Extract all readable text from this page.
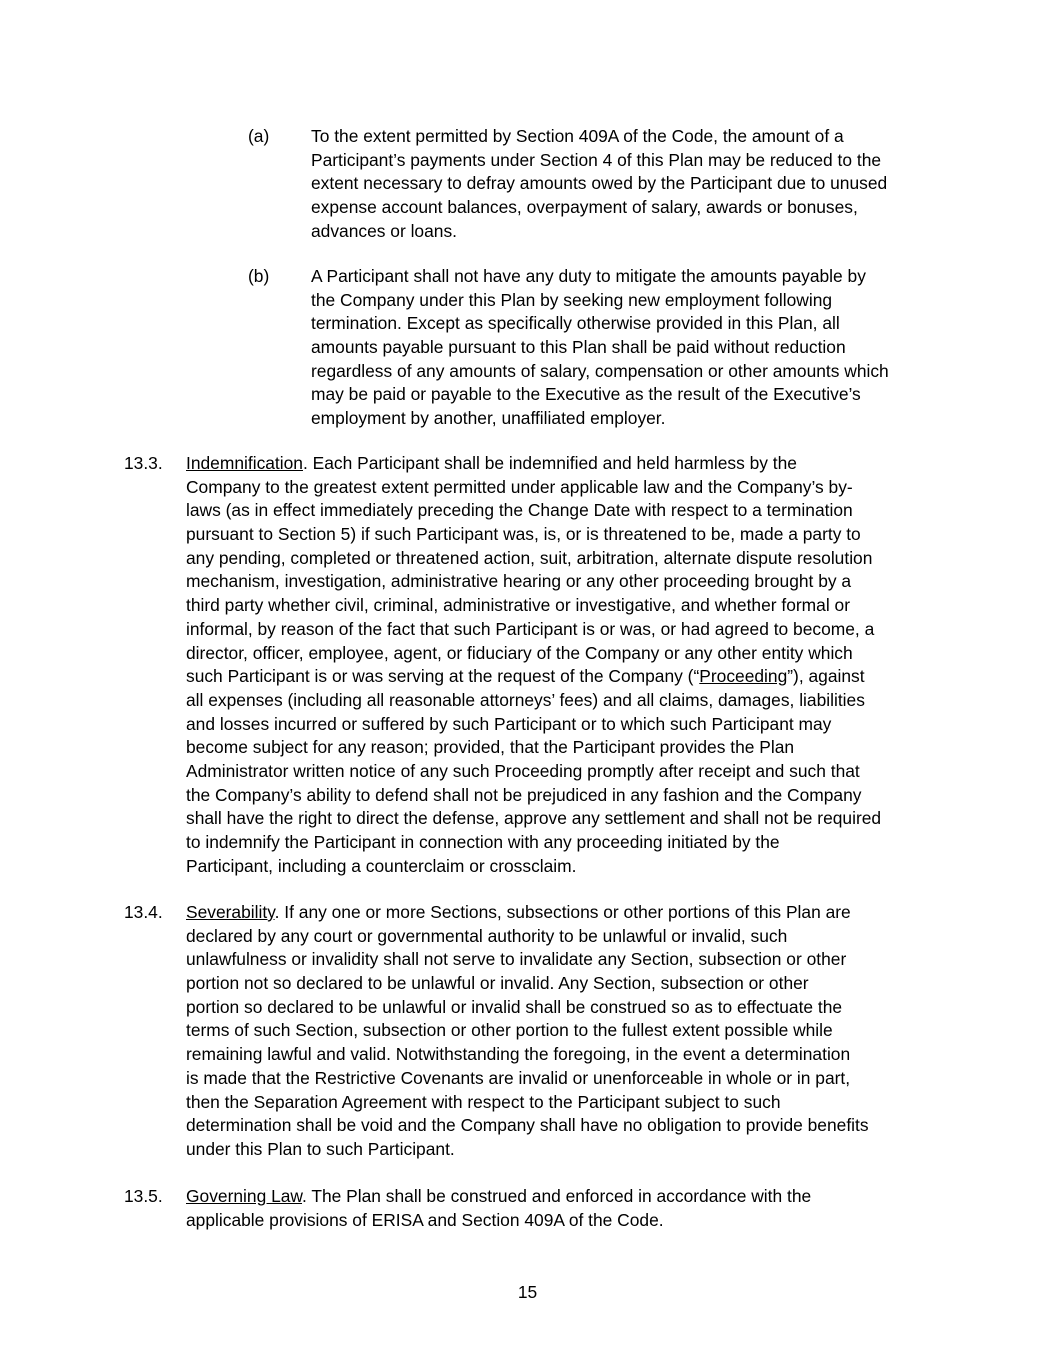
(a) To the extent permitted by Section 409A of the Code, the amount of a
Participant’s payments under Section 4 of this Plan may be reduced to the
extent necessary to defray amounts owed by the Participant due to unused
expense account balances, overpayment of salary, awards or bonuses,
advances or loans.
(b) A Participant shall not have any duty to mitigate the amounts payable by
the Company under this Plan by seeking new employment following
termination. Except as specifically otherwise provided in this Plan, all
amounts payable pursuant to this Plan shall be paid without reduction
regardless of any amounts of salary, compensation or other amounts which
may be paid or payable to the Executive as the result of the Executive’s
employment by another, unaffiliated employer.
13.3. Indemnification. Each Participant shall be indemnified and held harmless by the
Company to the greatest extent permitted under applicable law and the Company’s by-
laws (as in effect immediately preceding the Change Date with respect to a termination
pursuant to Section 5) if such Participant was, is, or is threatened to be, made a party to
any pending, completed or threatened action, suit, arbitration, alternate dispute resolution
mechanism, investigation, administrative hearing or any other proceeding brought by a
third party whether civil, criminal, administrative or investigative, and whether formal or
informal, by reason of the fact that such Participant is or was, or had agreed to become, a
director, officer, employee, agent, or fiduciary of the Company or any other entity which
such Participant is or was serving at the request of the Company (“Proceeding”), against
all expenses (including all reasonable attorneys’ fees) and all claims, damages, liabilities
and losses incurred or suffered by such Participant or to which such Participant may
become subject for any reason; provided, that the Participant provides the Plan
Administrator written notice of any such Proceeding promptly after receipt and such that
the Company’s ability to defend shall not be prejudiced in any fashion and the Company
shall have the right to direct the defense, approve any settlement and shall not be required
to indemnify the Participant in connection with any proceeding initiated by the
Participant, including a counterclaim or crossclaim.
13.4. Severability. If any one or more Sections, subsections or other portions of this Plan are
declared by any court or governmental authority to be unlawful or invalid, such
unlawfulness or invalidity shall not serve to invalidate any Section, subsection or other
portion not so declared to be unlawful or invalid. Any Section, subsection or other
portion so declared to be unlawful or invalid shall be construed so as to effectuate the
terms of such Section, subsection or other portion to the fullest extent possible while
remaining lawful and valid. Notwithstanding the foregoing, in the event a determination
is made that the Restrictive Covenants are invalid or unenforceable in whole or in part,
then the Separation Agreement with respect to the Participant subject to such
determination shall be void and the Company shall have no obligation to provide benefits
under this Plan to such Participant.
13.5. Governing Law. The Plan shall be construed and enforced in accordance with the
applicable provisions of ERISA and Section 409A of the Code.
15
